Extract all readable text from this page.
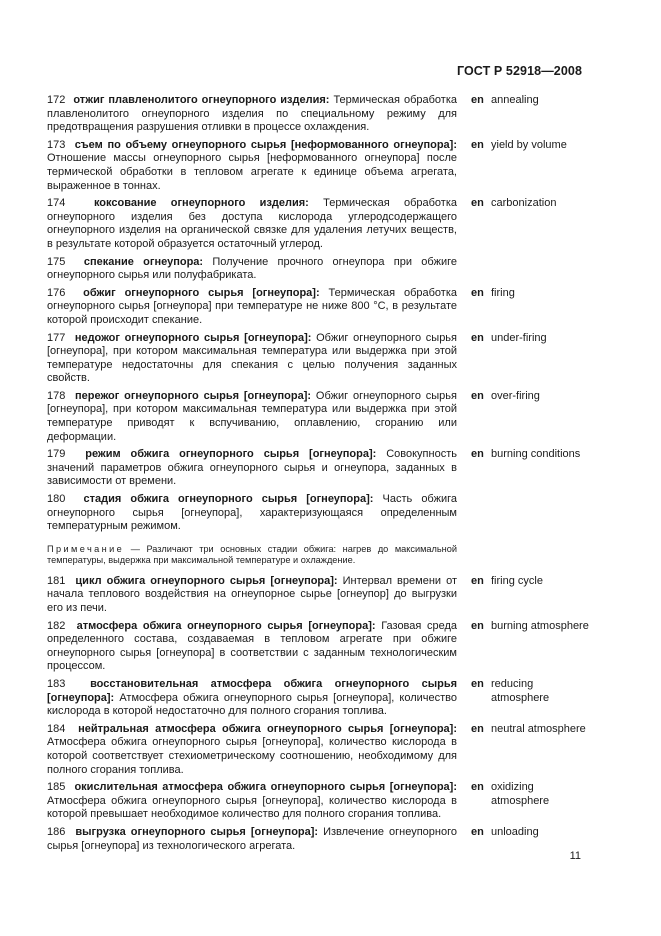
ГОСТ Р 52918—2008
172 отжиг плавленолитого огнеупорного изделия: Термическая обработка плавленолитого огнеупорного изделия по специальному режиму для предотвращения разрушения отливки в процессе охлаждения.
en annealing
173 съем по объему огнеупорного сырья [неформованного огнеупора]: Отношение массы огнеупорного сырья [неформованного огнеупора] после термической обработки в тепловом агрегате к единице объема агрегата, выраженное в тоннах.
en yield by volume
174	коксование огнеупорного изделия: Термическая обработка огнеупорного изделия без доступа кислорода углеродсодержащего огнеупорного изделия на органической связке для удаления летучих веществ, в результате которой образуется остаточный углерод.
en carbonization
175 спекание огнеупора: Получение прочного огнеупора при обжиге огнеупорного сырья или полуфабриката.
176 обжиг огнеупорного сырья [огнеупора]: Термическая обработка огнеупорного сырья [огнеупора] при температуре не ниже 800 °C, в результате которой происходит спекание.
en firing
177 недожог огнеупорного сырья [огнеупора]: Обжиг огнеупорного сырья [огнеупора], при котором максимальная температура или выдержка при этой температуре недостаточны для спекания с целью получения заданных свойств.
en under-firing
178 пережог огнеупорного сырья [огнеупора]: Обжиг огнеупорного сырья [огнеупора], при котором максимальная температура или выдержка при этой температуре приводят к вспучиванию, оплавлению, сгоранию или деформации.
en over-firing
179 режим обжига огнеупорного сырья [огнеупора]: Совокупность значений параметров обжига огнеупорного сырья и огнеупора, заданных в зависимости от времени.
en burning conditions
180 стадия обжига огнеупорного сырья [огнеупора]: Часть обжига огнеупорного сырья [огнеупора], характеризующаяся определенным температурным режимом.
Примечание — Различают три основных стадии обжига: нагрев до максимальной температуры, выдержка при максимальной температуре и охлаждение.
181 цикл обжига огнеупорного сырья [огнеупора]: Интервал времени от начала теплового воздействия на огнеупорное сырье [огнеупор] до выгрузки его из печи.
en firing cycle
182 атмосфера обжига огнеупорного сырья [огнеупора]: Газовая среда определенного состава, создаваемая в тепловом агрегате при обжиге огнеупорного сырья [огнеупора] в соответствии с заданным технологическим процессом.
en burning atmosphere
183 восстановительная атмосфера обжига огнеупорного сырья [огнеупора]: Атмосфера обжига огнеупорного сырья [огнеупора], количество кислорода в которой недостаточно для полного сгорания топлива.
en reducing atmosphere
184 нейтральная атмосфера обжига огнеупорного сырья [огнеупора]: Атмосфера обжига огнеупорного сырья [огнеупора], количество кислорода в которой соответствует стехиометрическому соотношению, необходимому для полного сгорания топлива.
en neutral atmosphere
185 окислительная атмосфера обжига огнеупорного сырья [огнеупора]: Атмосфера обжига огнеупорного сырья [огнеупора], количество кислорода в которой превышает необходимое количество для полного сгорания топлива.
en oxidizing atmosphere
186 выгрузка огнеупорного сырья [огнеупора]: Извлечение огнеупорного сырья [огнеупора] из технологического агрегата.
en unloading
11
